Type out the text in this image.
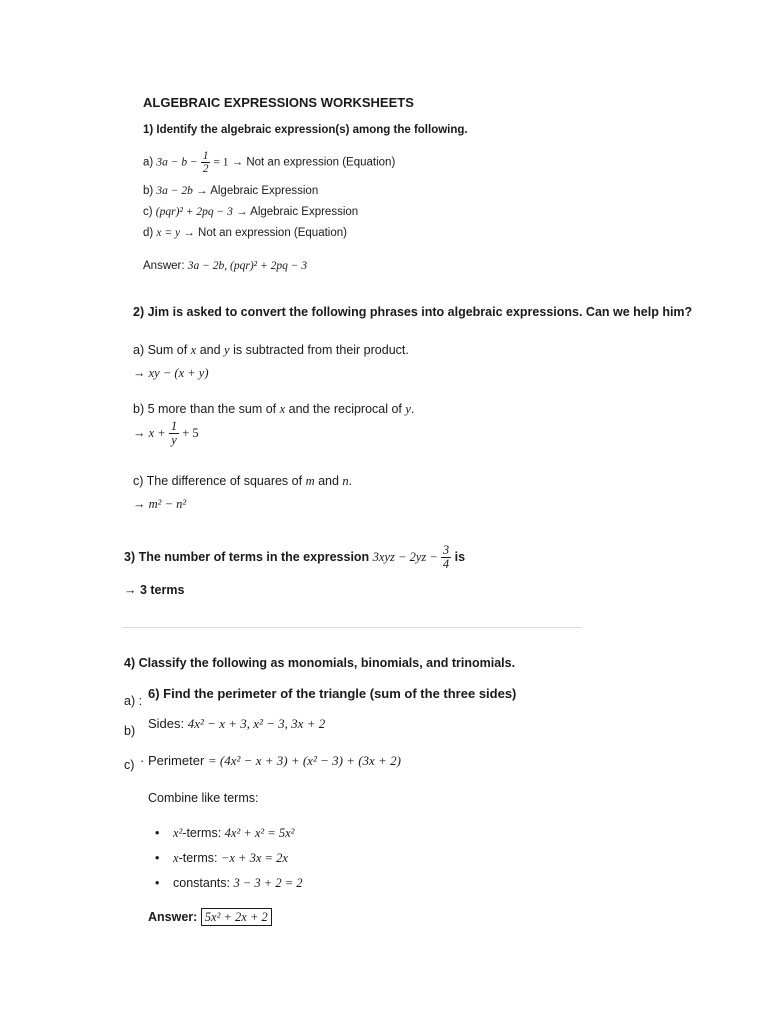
ALGEBRAIC EXPRESSIONS WORKSHEETS
1) Identify the algebraic expression(s) among the following.
a) $3a - b - \frac{1}{2} = 1$ → Not an expression (Equation)
b) 3a − 2b → Algebraic Expression
c) (pqr)² + 2pq − 3 → Algebraic Expression
d) x = y → Not an expression (Equation)
Answer: 3a − 2b, (pqr)² + 2pq − 3
2) Jim is asked to convert the following phrases into algebraic expressions. Can we help him?
a) Sum of x and y is subtracted from their product.
→ xy − (x + y)
b) 5 more than the sum of x and the reciprocal of y.
→ $x + \frac{1}{y} + 5$
c) The difference of squares of m and n.
→ m² − n²
3) The number of terms in the expression $3xyz - 2yz - \frac{3}{4}$ is
→ 3 terms
4) Classify the following as monomials, binomials, and trinomials.
a) :
b)
c)
6) Find the perimeter of the triangle (sum of the three sides)
Sides: 4x² − x + 3, x² − 3, 3x + 2
· Perimeter = (4x² − x + 3) + (x² − 3) + (3x + 2)
Combine like terms:
• x²-terms: 4x² + x² = 5x²
• x-terms: −x + 3x = 2x
• constants: 3 − 3 + 2 = 2
Answer: 5x² + 2x + 2
